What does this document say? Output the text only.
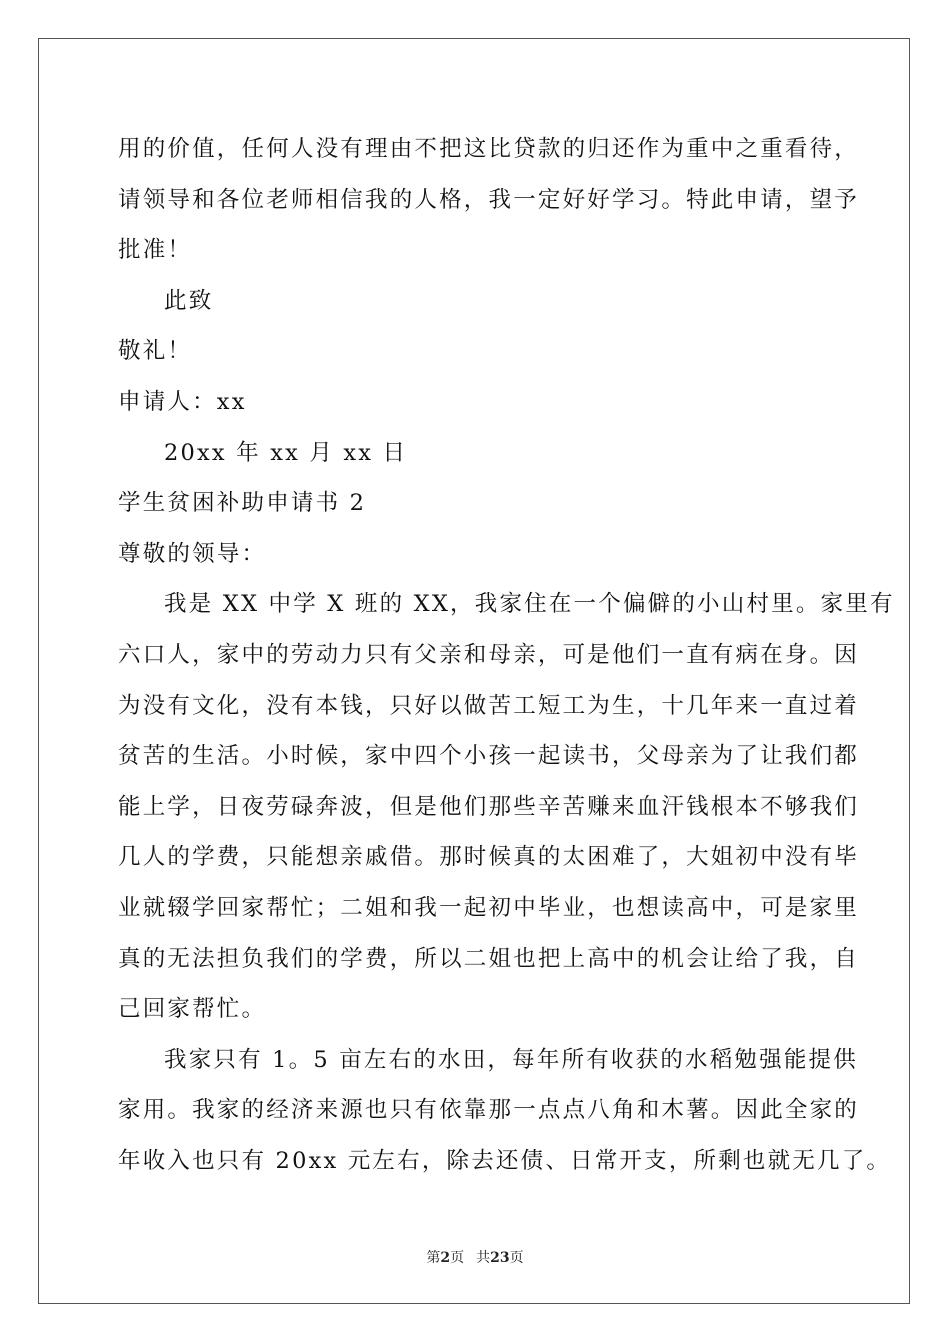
用的价值，任何人没有理由不把这比贷款的归还作为重中之重看待，
请领导和各位老师相信我的人格，我一定好好学习。特此申请，望予
批准！
此致
敬礼！
申请人：xx
20xx 年 xx 月 xx 日
学生贫困补助申请书 2
尊敬的领导：
我是 XX 中学 X 班的 XX，我家住在一个偏僻的小山村里。家里有
六口人，家中的劳动力只有父亲和母亲，可是他们一直有病在身。因
为没有文化，没有本钱，只好以做苦工短工为生，十几年来一直过着
贫苦的生活。小时候，家中四个小孩一起读书，父母亲为了让我们都
能上学，日夜劳碌奔波，但是他们那些辛苦赚来血汗钱根本不够我们
几人的学费，只能想亲戚借。那时候真的太困难了，大姐初中没有毕
业就辍学回家帮忙；二姐和我一起初中毕业，也想读高中，可是家里
真的无法担负我们的学费，所以二姐也把上高中的机会让给了我，自
己回家帮忙。
我家只有 1。5 亩左右的水田，每年所有收获的水稻勉强能提供
家用。我家的经济来源也只有依靠那一点点八角和木薯。因此全家的
年收入也只有 20xx 元左右，除去还债、日常开支，所剩也就无几了。
第2页 共23页
